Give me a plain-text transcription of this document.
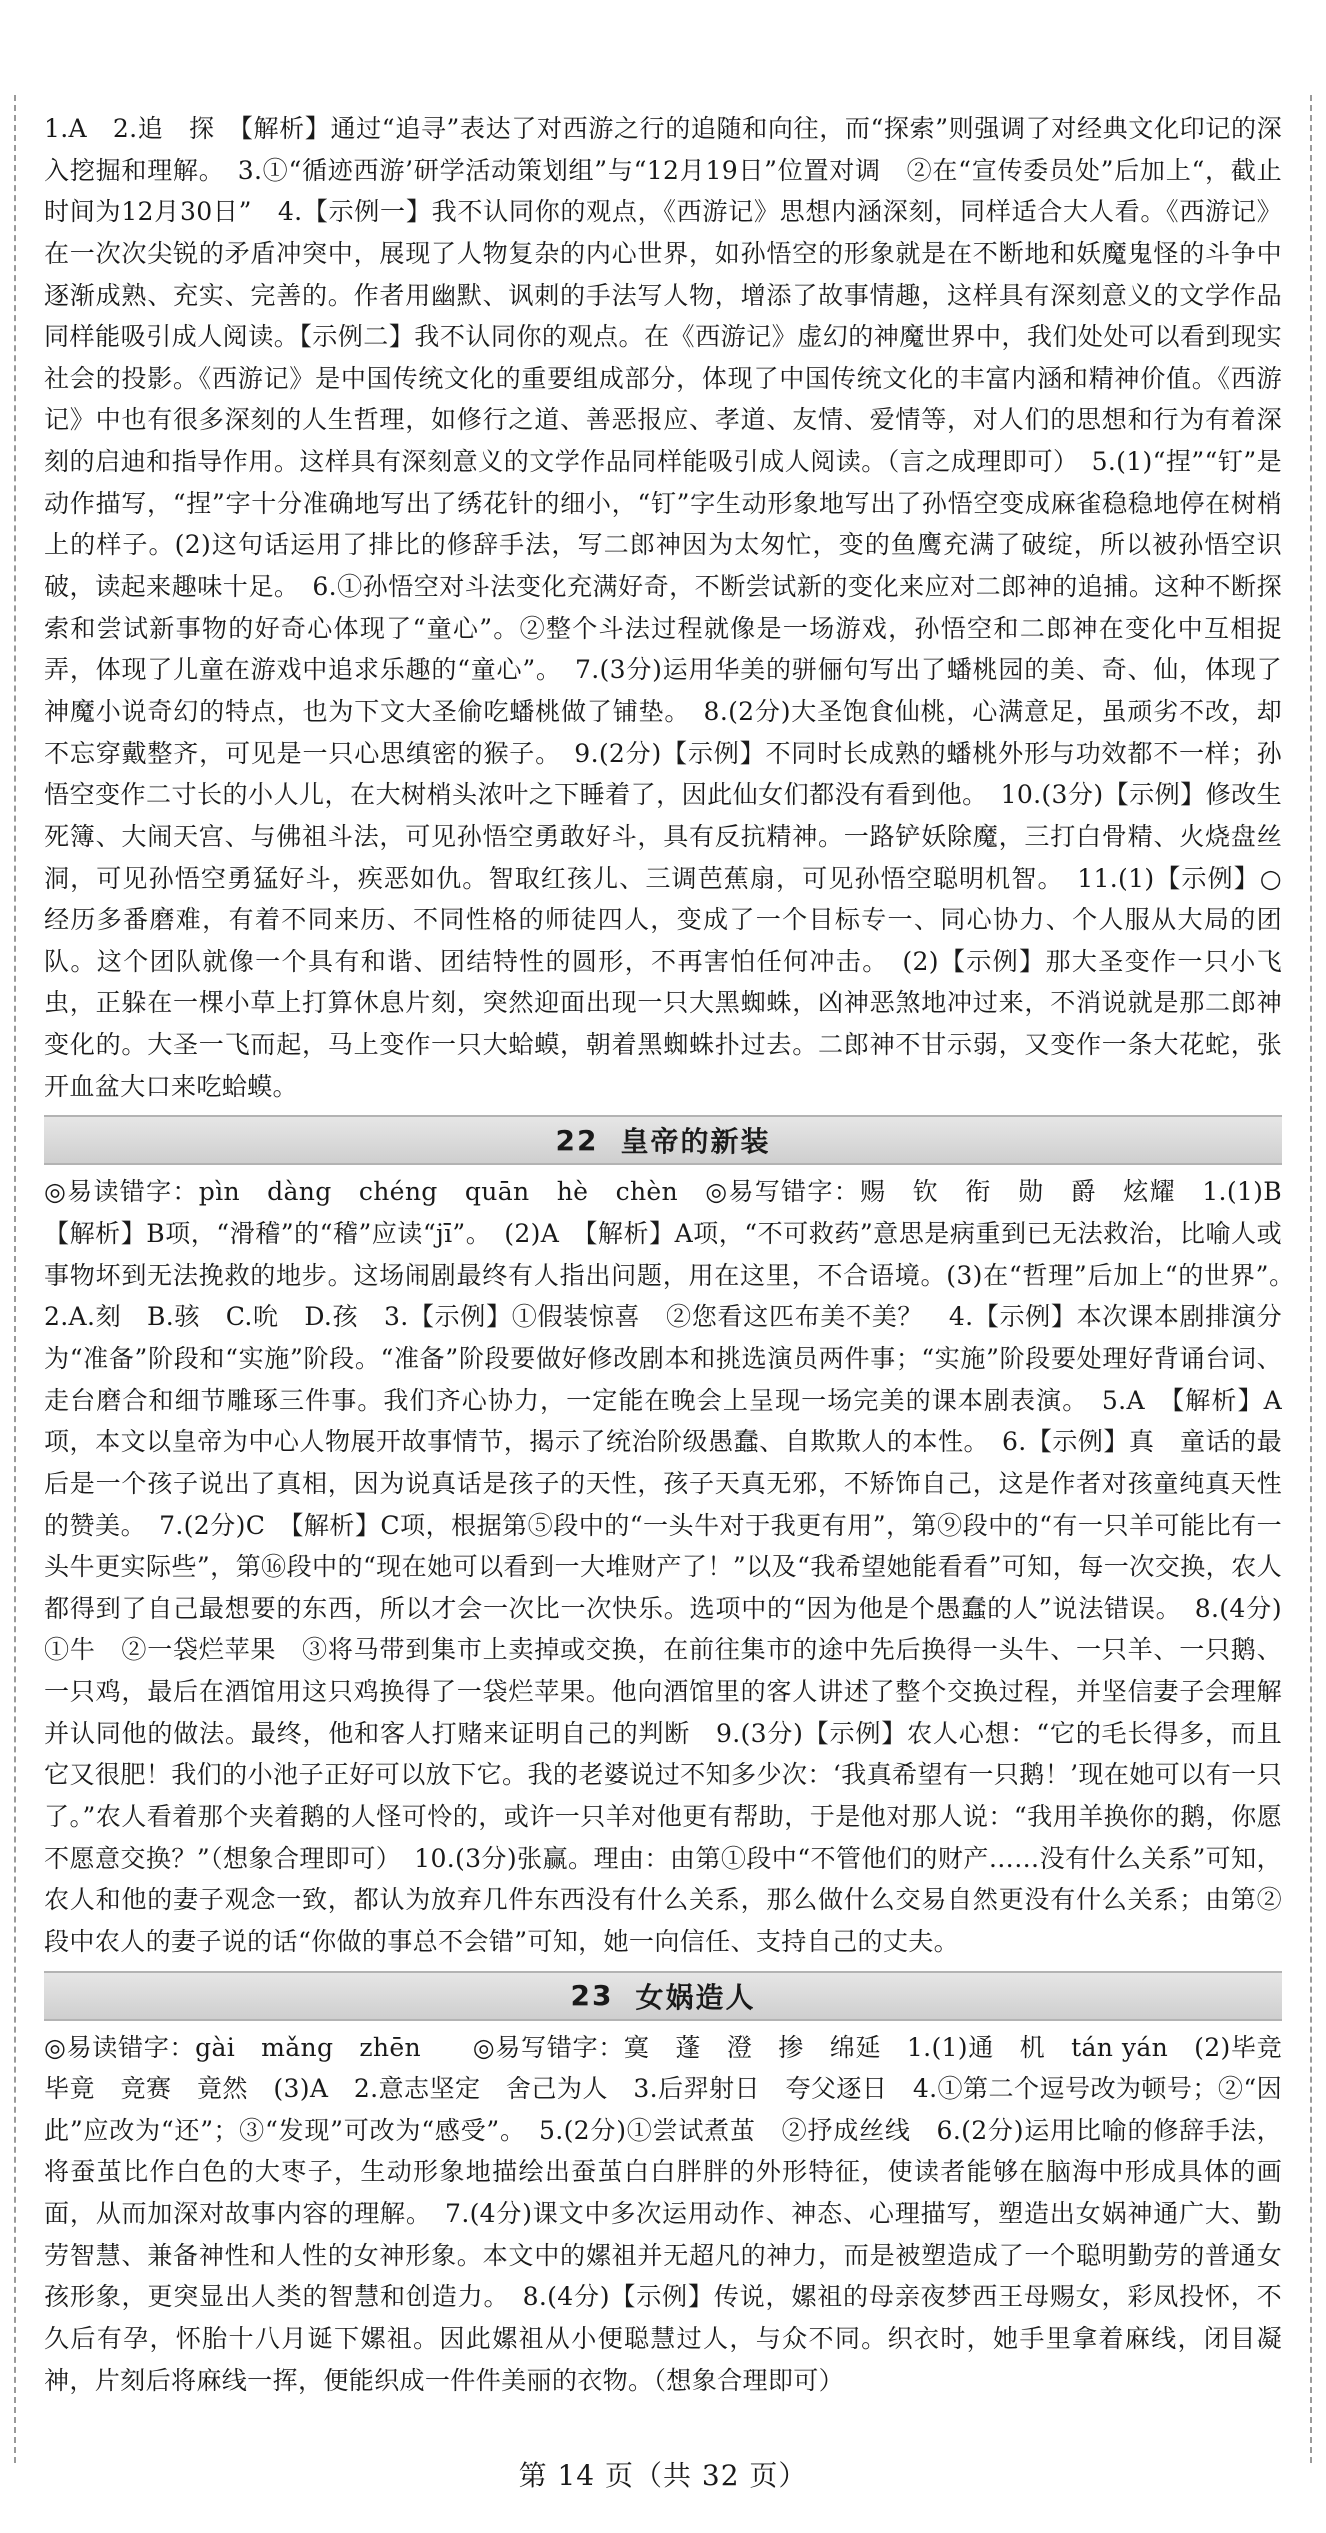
1.A　2.追　探　【解析】通过“追寻”表达了对西游之行的追随和向往，而“探索”则强调了对经典文化印记的深入挖掘和理解。　3.①“循迹西游’研学活动策划组”与“12月19日”位置对调　②在“宣传委员处”后加上“，截止时间为12月30日”　4.【示例一】我不认同你的观点，《西游记》思想内涵深刻，同样适合大人看。《西游记》在一次次尖锐的矛盾冲突中，展现了人物复杂的内心世界，如孙悟空的形象就是在不断地和妖魔鬼怪的斗争中逐渐成熟、充实、完善的。作者用幽默、讽刺的手法写人物，增添了故事情趣，这样具有深刻意义的文学作品同样能吸引成人阅读。【示例二】我不认同你的观点。在《西游记》虚幻的神魔世界中，我们处处可以看到现实社会的投影。《西游记》是中国传统文化的重要组成部分，体现了中国传统文化的丰富内涵和精神价值。《西游记》中也有很多深刻的人生哲理，如修行之道、善恶报应、孝道、友情、爱情等，对人们的思想和行为有着深刻的启迪和指导作用。这样具有深刻意义的文学作品同样能吸引成人阅读。（言之成理即可）　5.(1)“捏”“钉”是动作描写，“捏”字十分准确地写出了绣花针的细小，“钉”字生动形象地写出了孙悟空变成麻雀稳稳地停在树梢上的样子。(2)这句话运用了排比的修辞手法，写二郎神因为太匆忙，变的鱼鹰充满了破绽，所以被孙悟空识破，读起来趣味十足。　6.①孙悟空对斗法变化充满好奇，不断尝试新的变化来应对二郎神的追捕。这种不断探索和尝试新事物的好奇心体现了“童心”。②整个斗法过程就像是一场游戏，孙悟空和二郎神在变化中互相捉弄，体现了儿童在游戏中追求乐趣的“童心”。　7.(3分)运用华美的骈俪句写出了蟠桃园的美、奇、仙，体现了神魔小说奇幻的特点，也为下文大圣偷吃蟠桃做了铺垫。　8.(2分)大圣饱食仙桃，心满意足，虽顽劣不改，却不忘穿戴整齐，可见是一只心思缜密的猴子。　9.(2分)【示例】不同时长成熟的蟠桃外形与功效都不一样；孙悟空变作二寸长的小人儿，在大树梢头浓叶之下睡着了，因此仙女们都没有看到他。　10.(3分)【示例】修改生死簿、大闹天宫、与佛祖斗法，可见孙悟空勇敢好斗，具有反抗精神。一路铲妖除魔，三打白骨精、火烧盘丝洞，可见孙悟空勇猛好斗，疾恶如仇。智取红孩儿、三调芭蕉扇，可见孙悟空聪明机智。　11.(1)【示例】○　经历多番磨难，有着不同来历、不同性格的师徒四人，变成了一个目标专一、同心协力、个人服从大局的团队。这个团队就像一个具有和谐、团结特性的圆形，不再害怕任何冲击。　(2)【示例】那大圣变作一只小飞虫，正躲在一棵小草上打算休息片刻，突然迎面出现一只大黑蜘蛛，凶神恶煞地冲过来，不消说就是那二郎神变化的。大圣一飞而起，马上变作一只大蛤蟆，朝着黑蜘蛛扑过去。二郎神不甘示弱，又变作一条大花蛇，张开血盆大口来吃蛤蟆。

22 皇帝的新装

◎易读错字：pìn　dàng　chéng　quān　hè　chèn　◎易写错字：赐　钦　衔　勋　爵　炫耀　1.(1)B　【解析】B项，“滑稽”的“稽”应读“jī”。　(2)A　【解析】A项，“不可救药”意思是病重到已无法救治，比喻人或事物坏到无法挽救的地步。这场闹剧最终有人指出问题，用在这里，不合语境。(3)在“哲理”后加上“的世界”。　2.A.刻　B.骇　C.吮　D.孩　3.【示例】①假装惊喜　②您看这匹布美不美？　4.【示例】本次课本剧排演分为“准备”阶段和“实施”阶段。“准备”阶段要做好修改剧本和挑选演员两件事；“实施”阶段要处理好背诵台词、走台磨合和细节雕琢三件事。我们齐心协力，一定能在晚会上呈现一场完美的课本剧表演。　5.A　【解析】A项，本文以皇帝为中心人物展开故事情节，揭示了统治阶级愚蠢、自欺欺人的本性。　6.【示例】真　童话的最后是一个孩子说出了真相，因为说真话是孩子的天性，孩子天真无邪，不矫饰自己，这是作者对孩童纯真天性的赞美。　7.(2分)C　【解析】C项，根据第⑤段中的“一头牛对于我更有用”，第⑨段中的“有一只羊可能比有一头牛更实际些”，第⑯段中的“现在她可以看到一大堆财产了！”以及“我希望她能看看”可知，每一次交换，农人都得到了自己最想要的东西，所以才会一次比一次快乐。选项中的“因为他是个愚蠢的人”说法错误。　8.(4分)①牛　②一袋烂苹果　③将马带到集市上卖掉或交换，在前往集市的途中先后换得一头牛、一只羊、一只鹅、一只鸡，最后在酒馆用这只鸡换得了一袋烂苹果。他向酒馆里的客人讲述了整个交换过程，并坚信妻子会理解并认同他的做法。最终，他和客人打赌来证明自己的判断　9.(3分)【示例】农人心想：“它的毛长得多，而且它又很肥！我们的小池子正好可以放下它。我的老婆说过不知多少次：‘我真希望有一只鹅！’现在她可以有一只了。”农人看着那个夹着鹅的人怪可怜的，或许一只羊对他更有帮助，于是他对那人说：“我用羊换你的鹅，你愿不愿意交换？”（想象合理即可）　10.(3分)张赢。理由：由第①段中“不管他们的财产……没有什么关系”可知，农人和他的妻子观念一致，都认为放弃几件东西没有什么关系，那么做什么交易自然更没有什么关系；由第②段中农人的妻子说的话“你做的事总不会错”可知，她一向信任、支持自己的丈夫。

23 女娲造人

◎易读错字：gài　mǎng　zhēn　　◎易写错字：寞　蓬　澄　掺　绵延　1.(1)通　机　tán yán　(2)毕竞　毕竟　竞赛　竟然　(3)A　2.意志坚定　舍己为人　3.后羿射日　夸父逐日　4.①第二个逗号改为顿号；②“因此”应改为“还”；③“发现”可改为“感受”。　5.(2分)①尝试煮茧　②抒成丝线　6.(2分)运用比喻的修辞手法，将蚕茧比作白色的大枣子，生动形象地描绘出蚕茧白白胖胖的外形特征，使读者能够在脑海中形成具体的画面，从而加深对故事内容的理解。　7.(4分)课文中多次运用动作、神态、心理描写，塑造出女娲神通广大、勤劳智慧、兼备神性和人性的女神形象。本文中的嫘祖并无超凡的神力，而是被塑造成了一个聪明勤劳的普通女孩形象，更突显出人类的智慧和创造力。　8.(4分)【示例】传说，嫘祖的母亲夜梦西王母赐女，彩凤投怀，不久后有孕，怀胎十八月诞下嫘祖。因此嫘祖从小便聪慧过人，与众不同。织衣时，她手里拿着麻线，闭目凝神，片刻后将麻线一挥，便能织成一件件美丽的衣物。（想象合理即可）

第 14 页（共 32 页）
